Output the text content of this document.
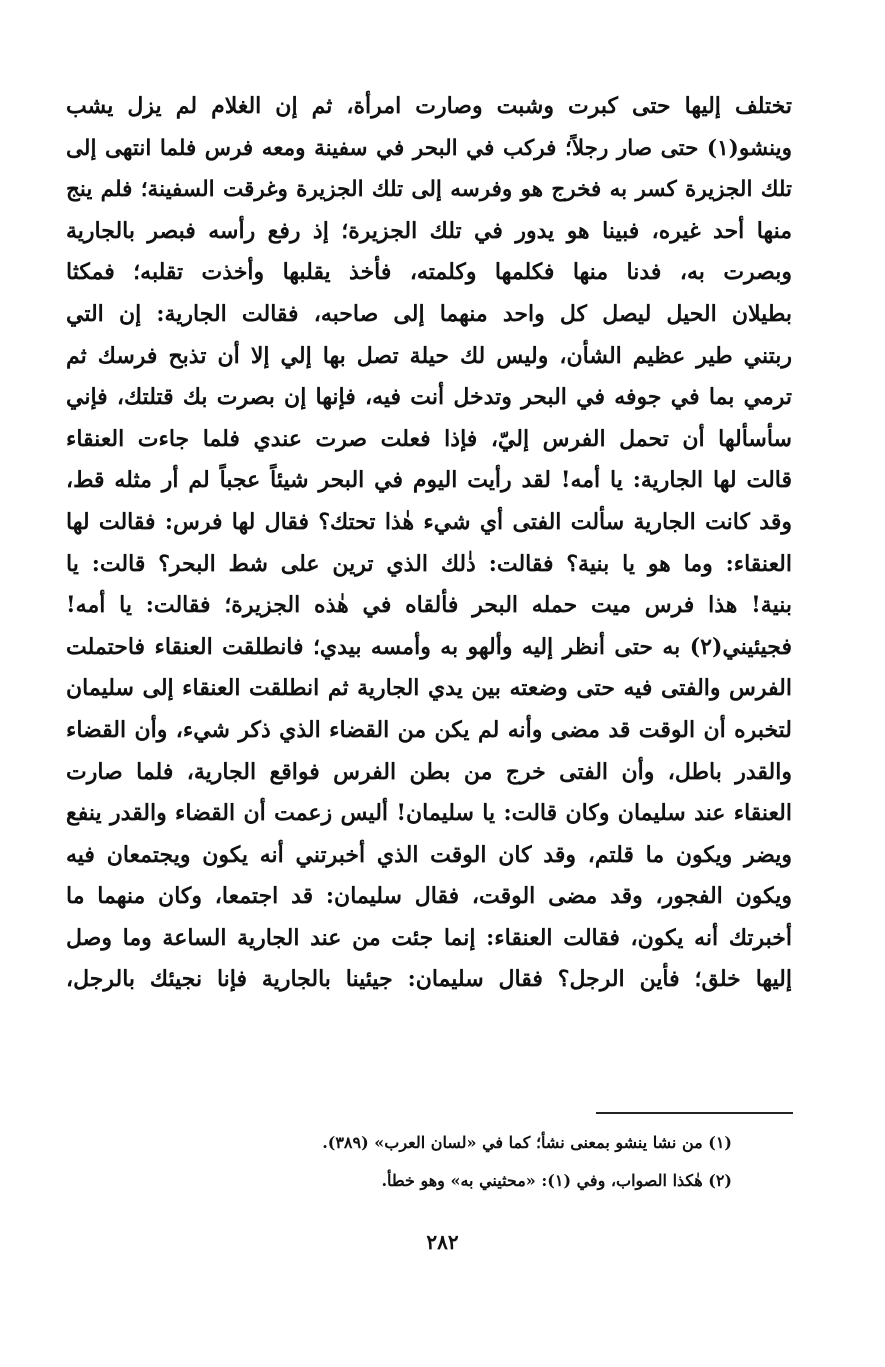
تختلف إليها حتى كبرت وشبت وصارت امرأة، ثم إن الغلام لم يزل يشب
وينشو(١) حتى صار رجلاً؛ فركب في البحر في سفينة ومعه فرس فلما انتهى إلى
تلك الجزيرة كسر به فخرج هو وفرسه إلى تلك الجزيرة وغرقت السفينة؛ فلم ينج
منها أحد غيره، فبينا هو يدور في تلك الجزيرة؛ إذ رفع رأسه فبصر بالجارية
وبصرت به، فدنا منها فكلمها وكلمته، فأخذ يقلبها وأخذت تقلبه؛ فمكثا
بطيلان الحيل ليصل كل واحد منهما إلى صاحبه، فقالت الجارية: إن التي
ربتني طير عظيم الشأن، وليس لك حيلة تصل بها إلي إلا أن تذبح فرسك ثم
ترمي بما في جوفه في البحر وتدخل أنت فيه، فإنها إن بصرت بك قتلتك، فإني
سأسألها أن تحمل الفرس إليّ، فإذا فعلت صرت عندي فلما جاءت العنقاء
قالت لها الجارية: يا أمه! لقد رأيت اليوم في البحر شيئاً عجباً لم أر مثله قط،
وقد كانت الجارية سألت الفتى أي شيء هٰذا تحتك؟ فقال لها فرس: فقالت لها
العنقاء: وما هو يا بنية؟ فقالت: ذٰلك الذي ترين على شط البحر؟ قالت: يا
بنية! هذا فرس ميت حمله البحر فألقاه في هٰذه الجزيرة؛ فقالت: يا أمه!
فجيئيني(٢) به حتى أنظر إليه وألهو به وأمسه بيدي؛ فانطلقت العنقاء فاحتملت
الفرس والفتى فيه حتى وضعته بين يدي الجارية ثم انطلقت العنقاء إلى سليمان
لتخبره أن الوقت قد مضى وأنه لم يكن من القضاء الذي ذكر شيء، وأن القضاء
والقدر باطل، وأن الفتى خرج من بطن الفرس فواقع الجارية، فلما صارت
العنقاء عند سليمان وكان قالت: يا سليمان! أليس زعمت أن القضاء والقدر ينفع
ويضر ويكون ما قلتم، وقد كان الوقت الذي أخبرتني أنه يكون ويجتمعان فيه
ويكون الفجور، وقد مضى الوقت، فقال سليمان: قد اجتمعا، وكان منهما ما
أخبرتك أنه يكون، فقالت العنقاء: إنما جئت من عند الجارية الساعة وما وصل
إليها خلق؛ فأين الرجل؟ فقال سليمان: جيئينا بالجارية فإنا نجيئك بالرجل،
(١) من نشا ينشو بمعنى نشأ؛ كما في «لسان العرب» (٣٨٩).
(٢) هٰكذا الصواب، وفي (١): «محثيني به» وهو خطأ.
٢٨٢
